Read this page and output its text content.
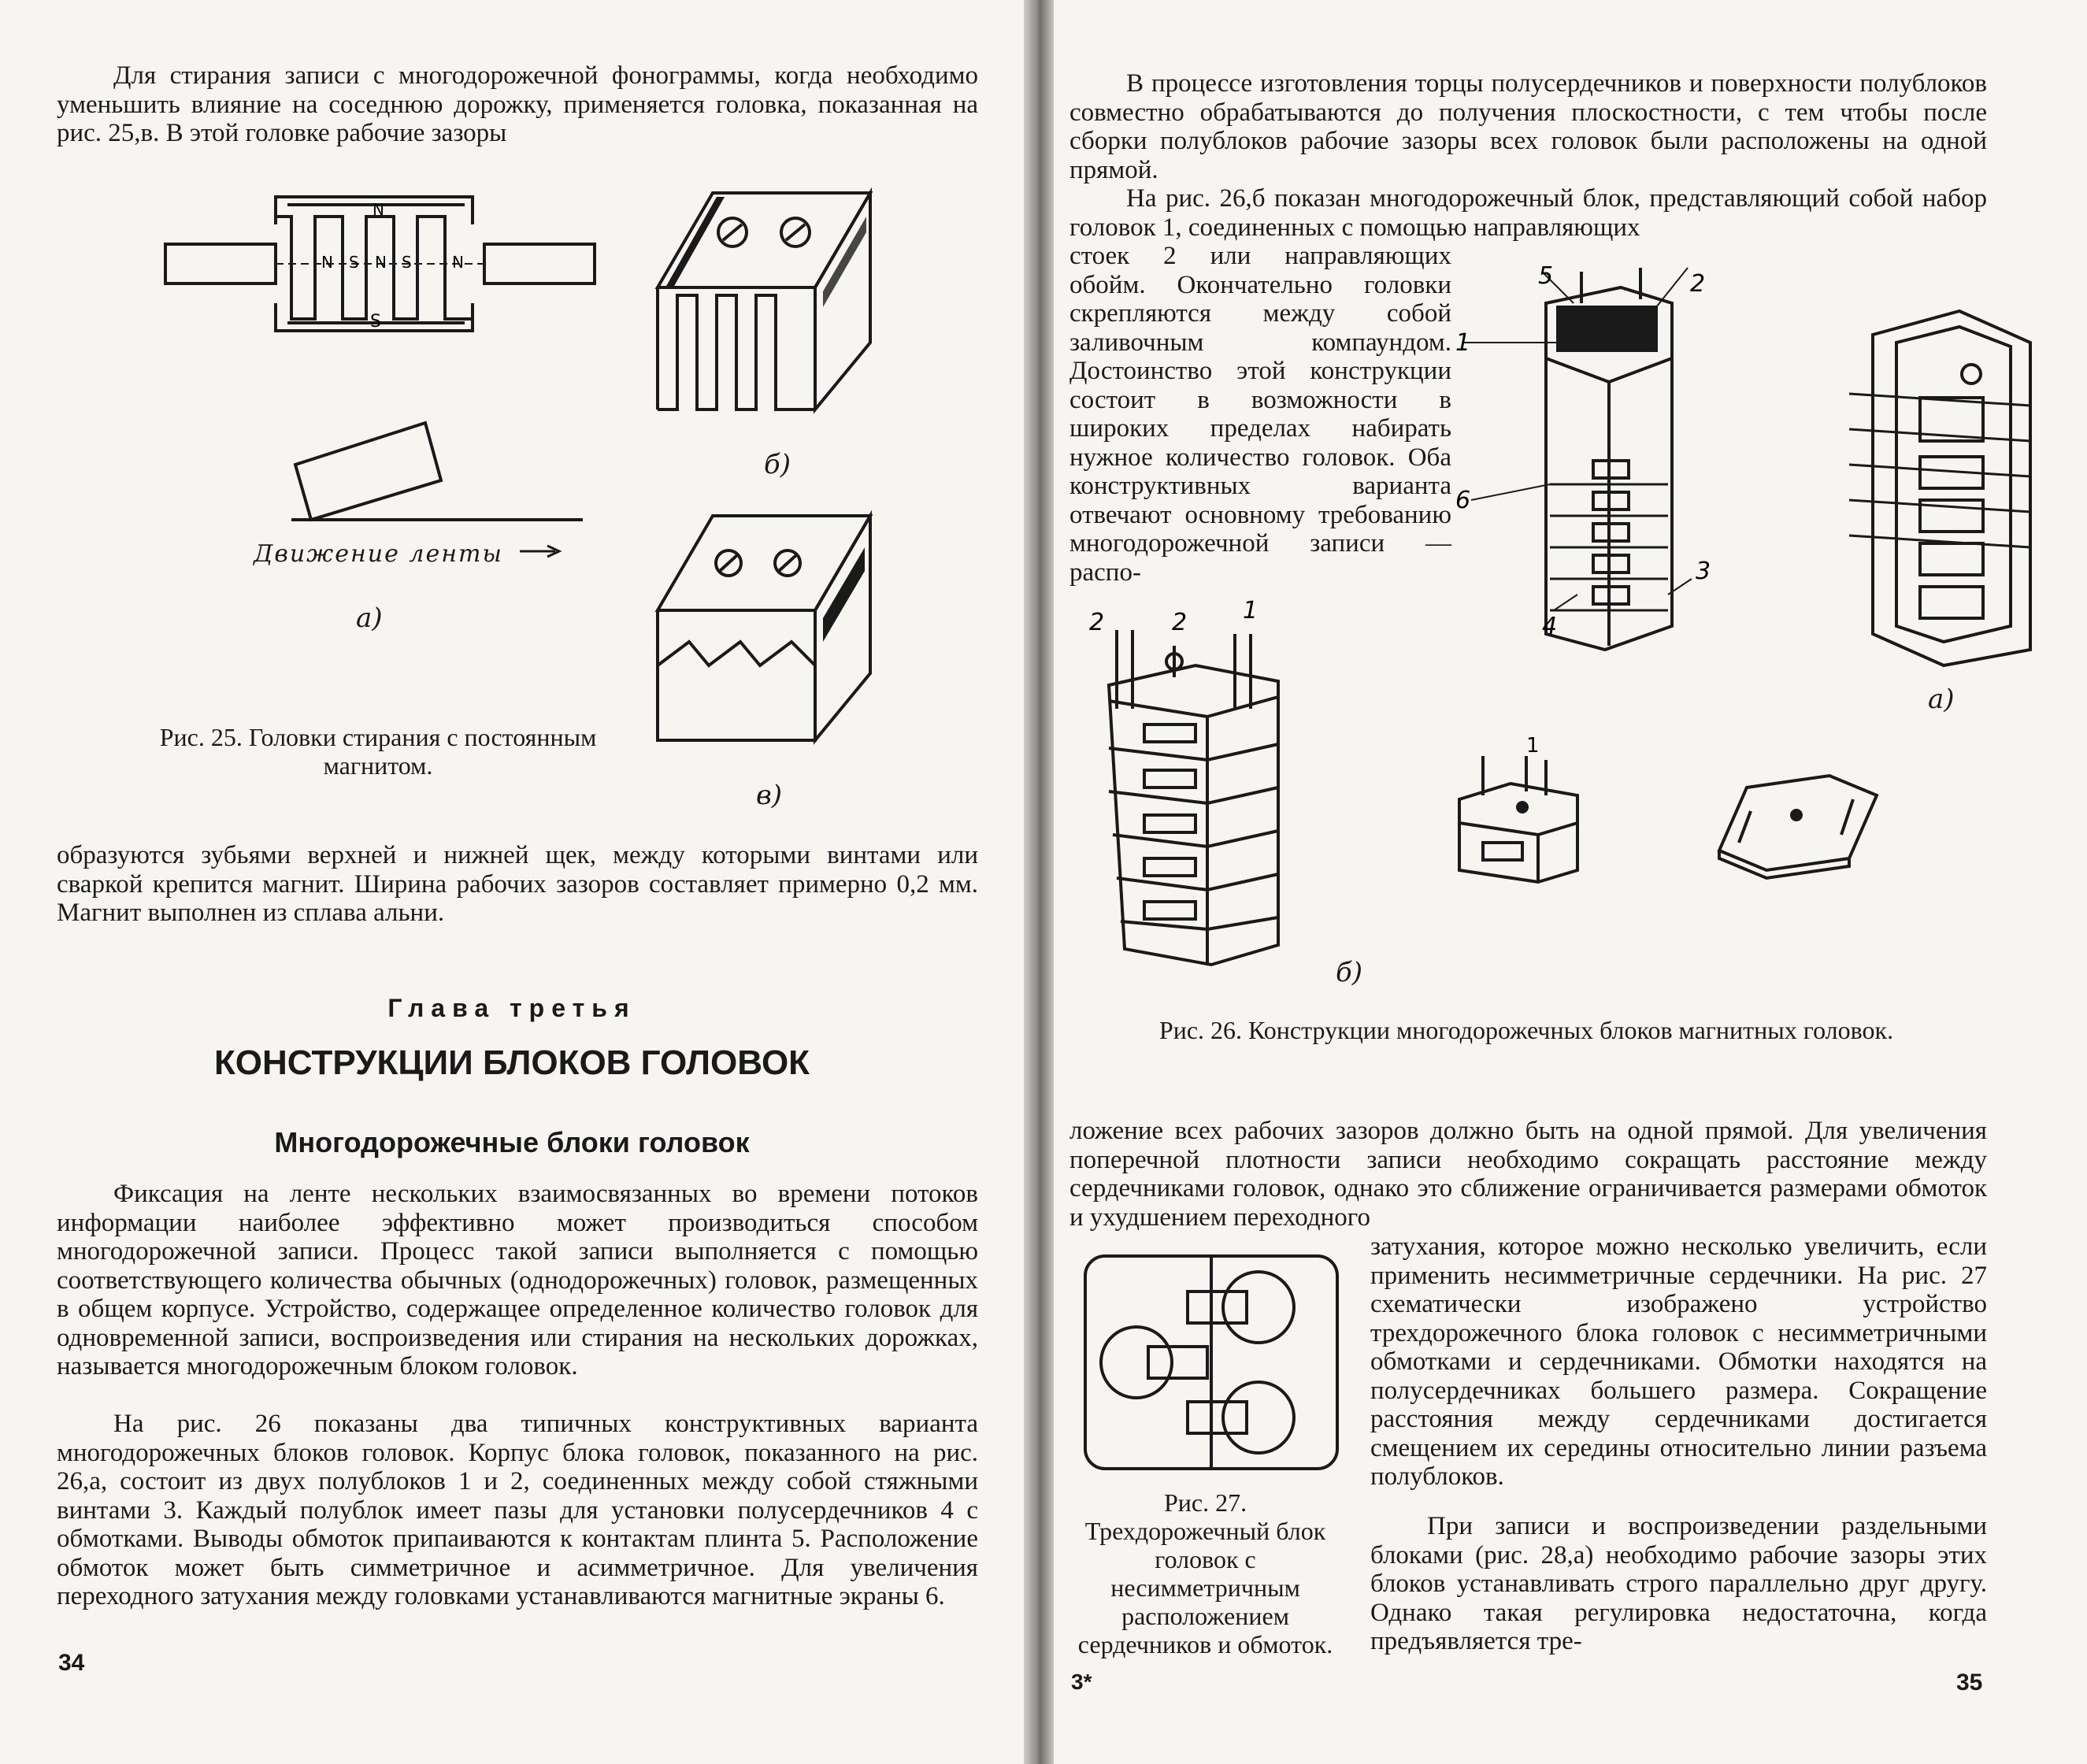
Для стирания записи с многодорожечной фонограммы, когда необходимо уменьшить влияние на соседнюю дорожку, применяется головка, показанная на рис. 25,в. В этой головке рабочие зазоры

N
S
N S N S	N
Движение ленты
а)
б)
в)
Рис. 25. Головки стирания с постоянным магнитом.

образуются зубьями верхней и нижней щек, между которыми винтами или сваркой крепится магнит. Ширина рабочих зазоров составляет примерно 0,2 мм. Магнит выполнен из сплава альни.

Глава третья
КОНСТРУКЦИИ БЛОКОВ ГОЛОВОК
Многодорожечные блоки головок

Фиксация на ленте нескольких взаимосвязанных во времени потоков информации наиболее эффективно может производиться способом многодорожечной записи. Процесс такой записи выполняется с помощью соответствующего количества обычных (однодорожечных) головок, размещенных в общем корпусе. Устройство, содержащее определенное количество головок для одновременной записи, воспроизведения или стирания на нескольких дорожках, называется многодорожечным блоком головок.

На рис. 26 показаны два типичных конструктивных варианта многодорожечных блоков головок. Корпус блока головок, показанного на рис. 26,а, состоит из двух полублоков 1 и 2, соединенных между собой стяжными винтами 3. Каждый полублок имеет пазы для установки полусердечников 4 с обмотками. Выводы обмоток припаиваются к контактам плинта 5. Расположение обмоток может быть симметричное и асимметричное. Для увеличения переходного затухания между головками устанавливаются магнитные экраны 6.

34

В процессе изготовления торцы полусердечников и поверхности полублоков совместно обрабатываются до получения плоскостности, с тем чтобы после сборки полублоков рабочие зазоры всех головок были расположены на одной прямой.

На рис. 26,б показан многодорожечный блок, представляющий собой набор головок 1, соединенных с помощью направляющих

стоек 2 или направляющих обойм. Окончательно головки скрепляются между собой заливочным компаундом. Достоинство этой конструкции состоит в возможности в широких пределах набирать нужное количество головок. Оба конструктивных варианта отвечают основному требованию многодорожечной записи — распо-

5	2
1
6
3
4
а)
2	2 1
1
б)
Рис. 26. Конструкции многодорожечных блоков магнитных головок.

ложение всех рабочих зазоров должно быть на одной прямой. Для увеличения поперечной плотности записи необходимо сокращать расстояние между сердечниками головок, однако это сближение ограничивается размерами обмоток и ухудшением переходного

затухания, которое можно несколько увеличить, если применить несимметричные сердечники. На рис. 27 схематически изображено устройство трехдорожечного блока головок с несимметричными обмотками и сердечниками. Обмотки находятся на полусердечниках большего размера. Сокращение расстояния между сердечниками достигается смещением их середины относительно линии разъема полублоков.

Рис. 27. Трехдорожечный блок головок с несимметричным расположением сердечников и обмоток.

При записи и воспроизведении раздельными блоками (рис. 28,а) необходимо рабочие зазоры этих блоков устанавливать строго параллельно друг другу. Однако такая регулировка недостаточна, когда предъявляется тре-

3*	35
